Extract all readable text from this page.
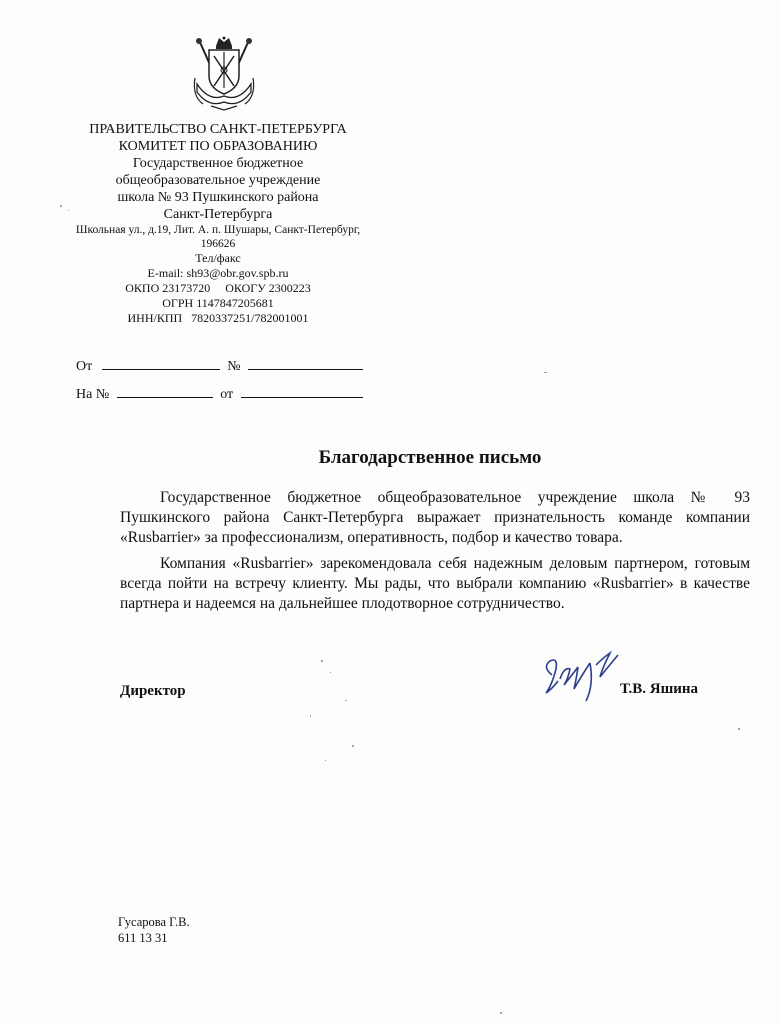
ПРАВИТЕЛЬСТВО САНКТ-ПЕТЕРБУРГА
КОМИТЕТ ПО ОБРАЗОВАНИЮ
Государственное бюджетное
общеобразовательное учреждение
школа № 93 Пушкинского района
Санкт-Петербурга
Школьная ул., д.19, Лит. А. п. Шушары, Санкт-Петербург,
196626
Тел/факс
E-mail: sh93@obr.gov.spb.ru
ОКПО 23173720     ОКОГУ 2300223
ОГРН 1147847205681
ИНН/КПП   7820337251/782001001
От	№
На №	от
Благодарственное письмо

Государственное бюджетное общеобразовательное учреждение школа № 93 Пушкинского района Санкт-Петербурга выражает признательность команде компании «Rusbarrier» за профессионализм, оперативность, подбор и качество товара.

Компания «Rusbarrier» зарекомендовала себя надежным деловым партнером, готовым всегда пойти на встречу клиенту. Мы рады, что выбрали компанию «Rusbarrier» в качестве партнера и надеемся на дальнейшее плодотворное сотрудничество.

Директор	Т.В. Яшина
Гусарова Г.В.
611 13 31
